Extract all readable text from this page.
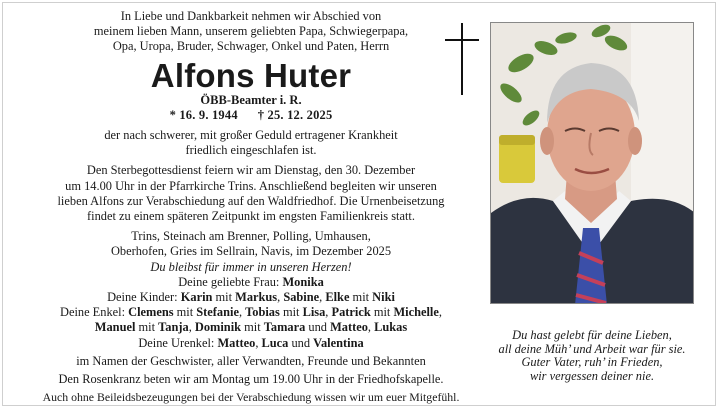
In Liebe und Dankbarkeit nehmen wir Abschied von

meinem lieben Mann, unserem geliebten Papa, Schwiegerpapa,

Opa, Uropa, Bruder, Schwager, Onkel und Paten, Herrn

Alfons Huter

ÖBB-Beamter i. R.

* 16. 9. 1944 † 25. 12. 2025

der nach schwerer, mit großer Geduld ertragener Krankheit

friedlich eingeschlafen ist.

Den Sterbegottesdienst feiern wir am Dienstag, den 30. Dezember

um 14.00 Uhr in der Pfarrkirche Trins. Anschließend begleiten wir unseren

lieben Alfons zur Verabschiedung auf den Waldfriedhof. Die Urnenbeisetzung

findet zu einem späteren Zeitpunkt im engsten Familienkreis statt.

Trins, Steinach am Brenner, Polling, Umhausen,

Oberhofen, Gries im Sellrain, Navis, im Dezember 2025

Du bleibst für immer in unseren Herzen!

Deine geliebte Frau: Monika

Deine Kinder: Karin mit Markus, Sabine, Elke mit Niki

Deine Enkel: Clemens mit Stefanie, Tobias mit Lisa, Patrick mit Michelle,

Manuel mit Tanja, Dominik mit Tamara und Matteo, Lukas

Deine Urenkel: Matteo, Luca und Valentina

im Namen der Geschwister, aller Verwandten, Freunde und Bekannten

Den Rosenkranz beten wir am Montag um 19.00 Uhr in der Friedhofskapelle.

Auch ohne Beileidsbezeugungen bei der Verabschiedung wissen wir um euer Mitgefühl.

Du hast gelebt für deine Lieben,

all deine Müh’ und Arbeit war für sie.

Guter Vater, ruh’ in Frieden,

wir vergessen deiner nie.
